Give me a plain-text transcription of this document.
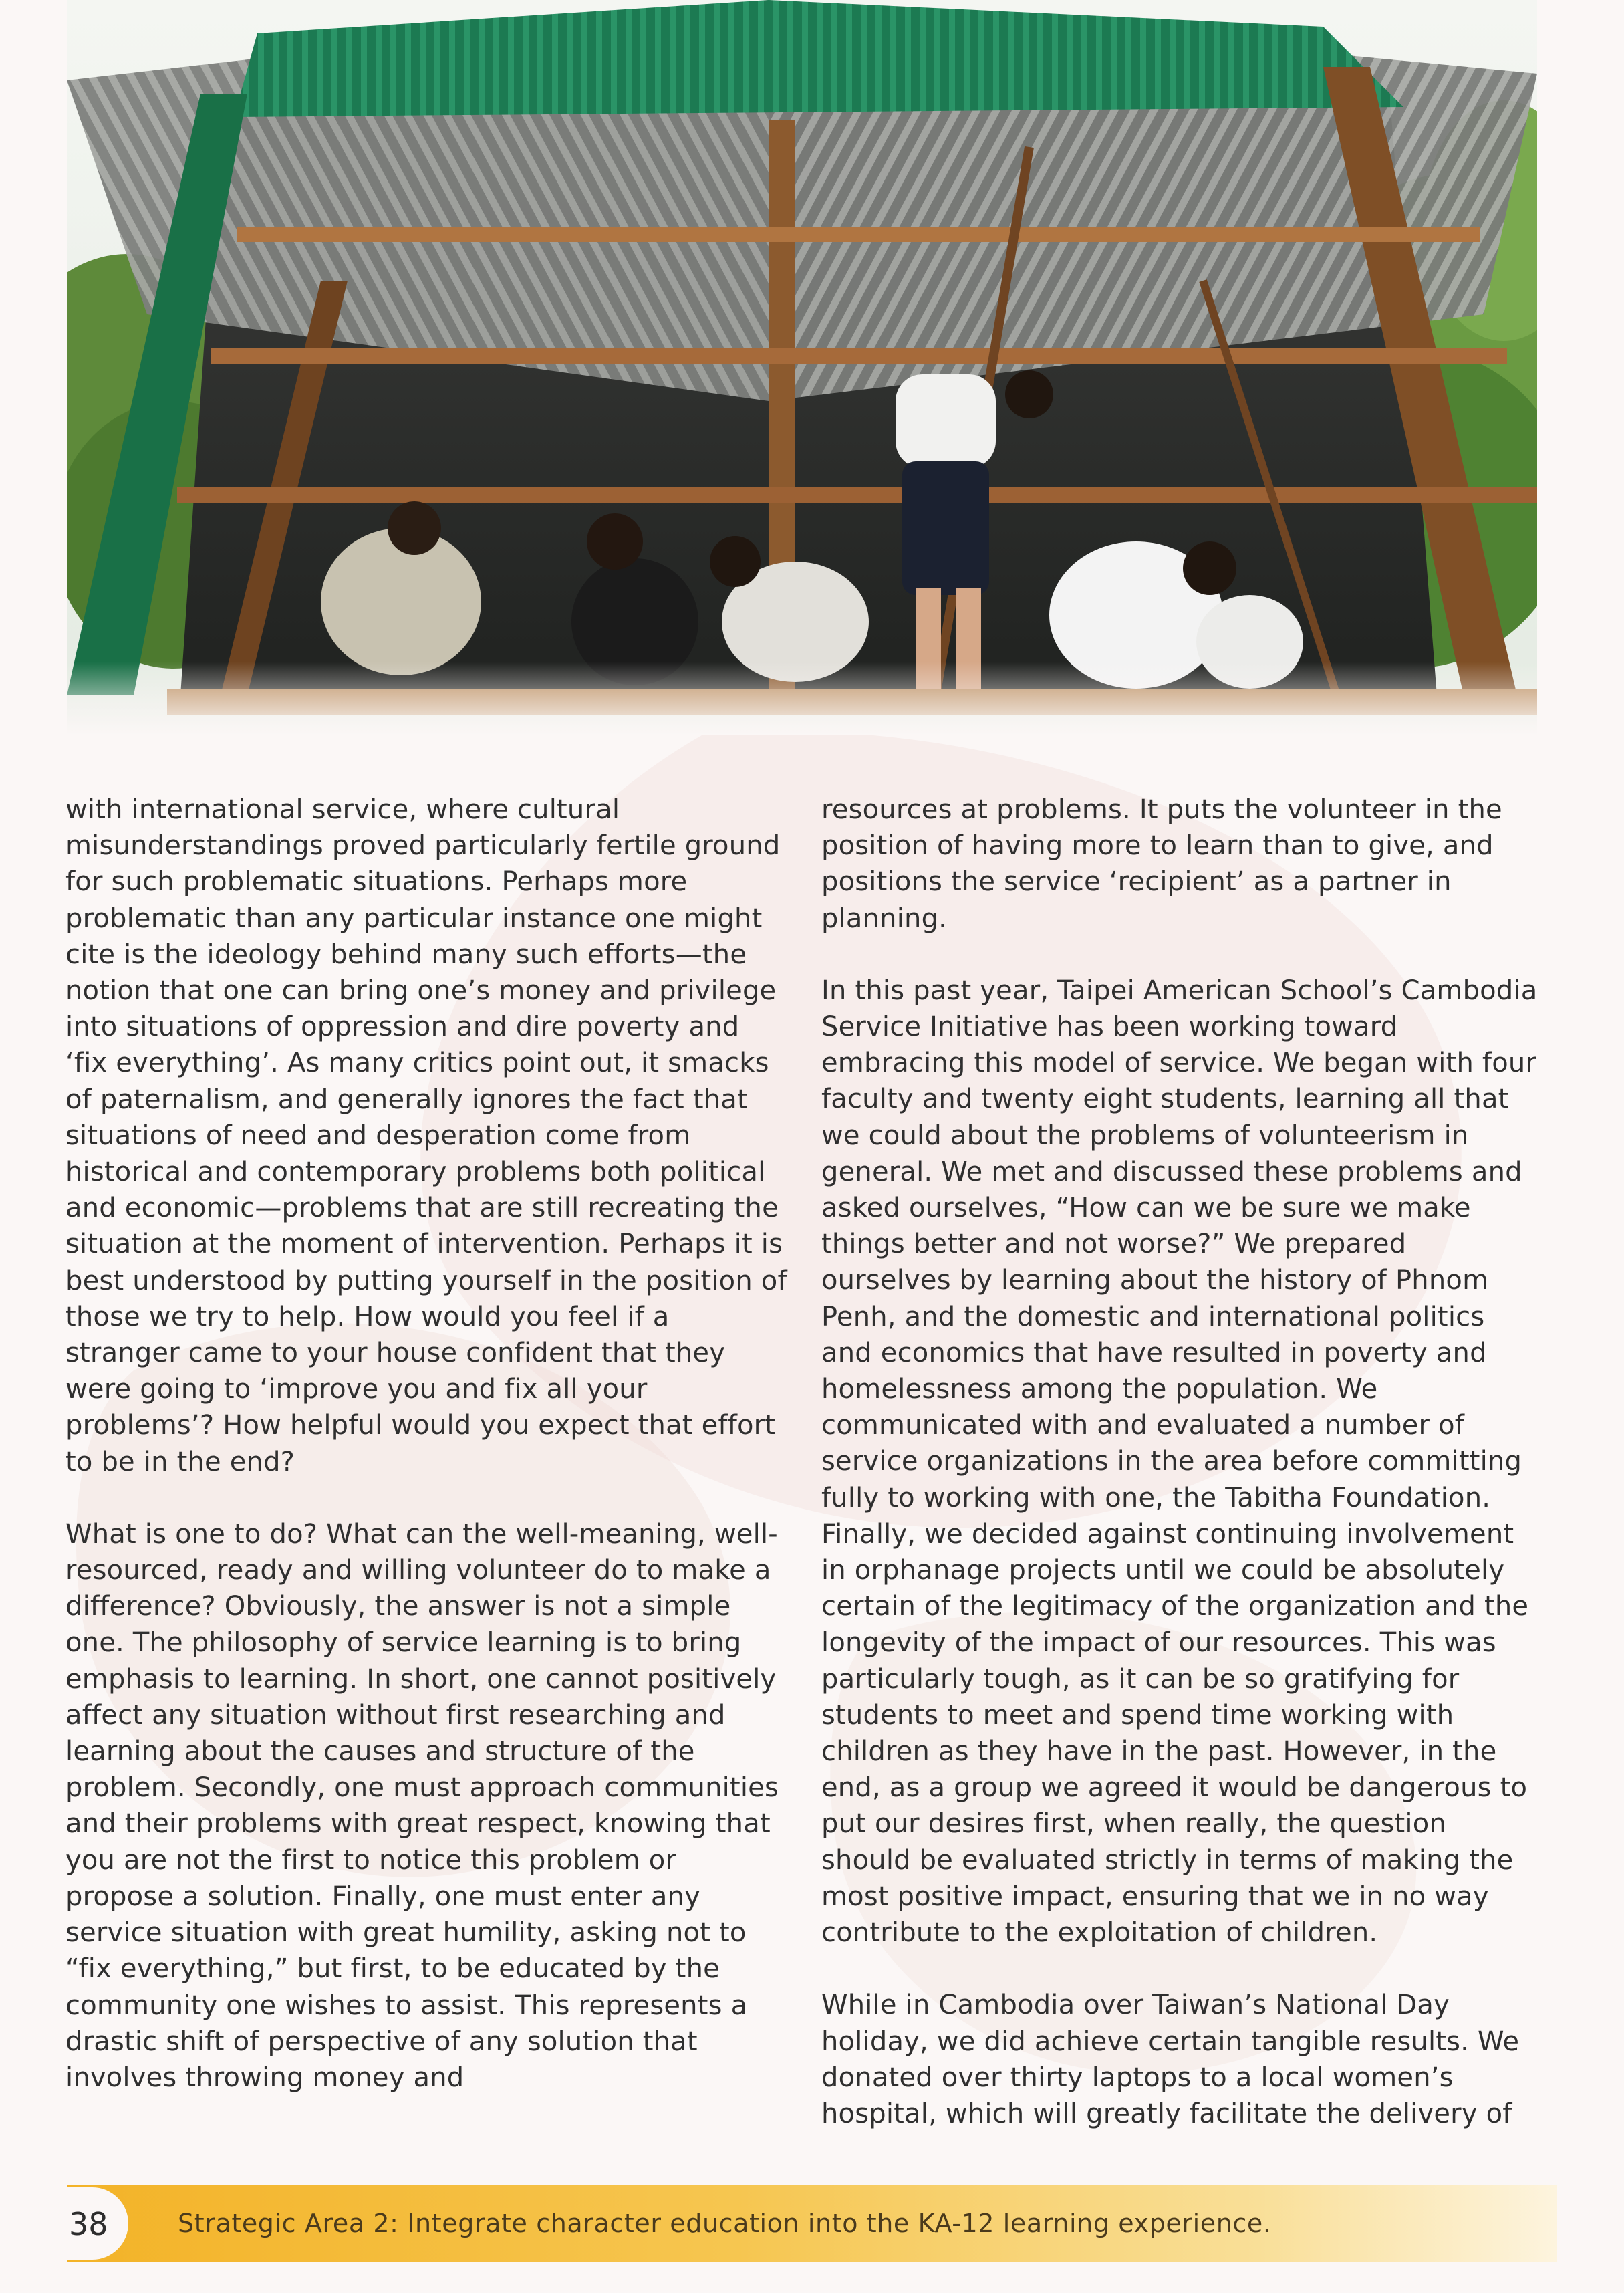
with international service, where cultural misunderstandings proved particularly fertile ground for such problematic situations. Perhaps more problematic than any particular instance one might cite is the ideology behind many such efforts—the notion that one can bring one’s money and privilege into situations of oppression and dire poverty and ‘fix everything’. As many critics point out, it smacks of paternalism, and generally ignores the fact that situations of need and desperation come from historical and contemporary problems both political and economic—problems that are still recreating the situation at the moment of intervention. Perhaps it is best understood by putting yourself in the position of those we try to help. How would you feel if a stranger came to your house confident that they were going to ‘improve you and fix all your problems’? How helpful would you expect that effort to be in the end?

What is one to do? What can the well-meaning, well-resourced, ready and willing volunteer do to make a difference? Obviously, the answer is not a simple one. The philosophy of service learning is to bring emphasis to learning. In short, one cannot positively affect any situation without first researching and learning about the causes and structure of the problem. Secondly, one must approach communities and their problems with great respect, knowing that you are not the first to notice this problem or propose a solution. Finally, one must enter any service situation with great humility, asking not to “fix everything,” but first, to be educated by the community one wishes to assist. This represents a drastic shift of perspective of any solution that involves throwing money and

resources at problems. It puts the volunteer in the position of having more to learn than to give, and positions the service ‘recipient’ as a partner in planning.

In this past year, Taipei American School’s Cambodia Service Initiative has been working toward embracing this model of service. We began with four faculty and twenty eight students, learning all that we could about the problems of volunteerism in general. We met and discussed these problems and asked ourselves, “How can we be sure we make things better and not worse?” We prepared ourselves by learning about the history of Phnom Penh, and the domestic and international politics and economics that have resulted in poverty and homelessness among the population. We communicated with and evaluated a number of service organizations in the area before committing fully to working with one, the Tabitha Foundation. Finally, we decided against continuing involvement in orphanage projects until we could be absolutely certain of the legitimacy of the organization and the longevity of the impact of our resources. This was particularly tough, as it can be so gratifying for students to meet and spend time working with children as they have in the past. However, in the end, as a group we agreed it would be dangerous to put our desires first, when really, the question should be evaluated strictly in terms of making the most positive impact, ensuring that we in no way contribute to the exploitation of children.

While in Cambodia over Taiwan’s National Day holiday, we did achieve certain tangible results. We donated over thirty laptops to a local women’s hospital, which will greatly facilitate the delivery of

38	Strategic Area 2: Integrate character education into the KA-12 learning experience.
